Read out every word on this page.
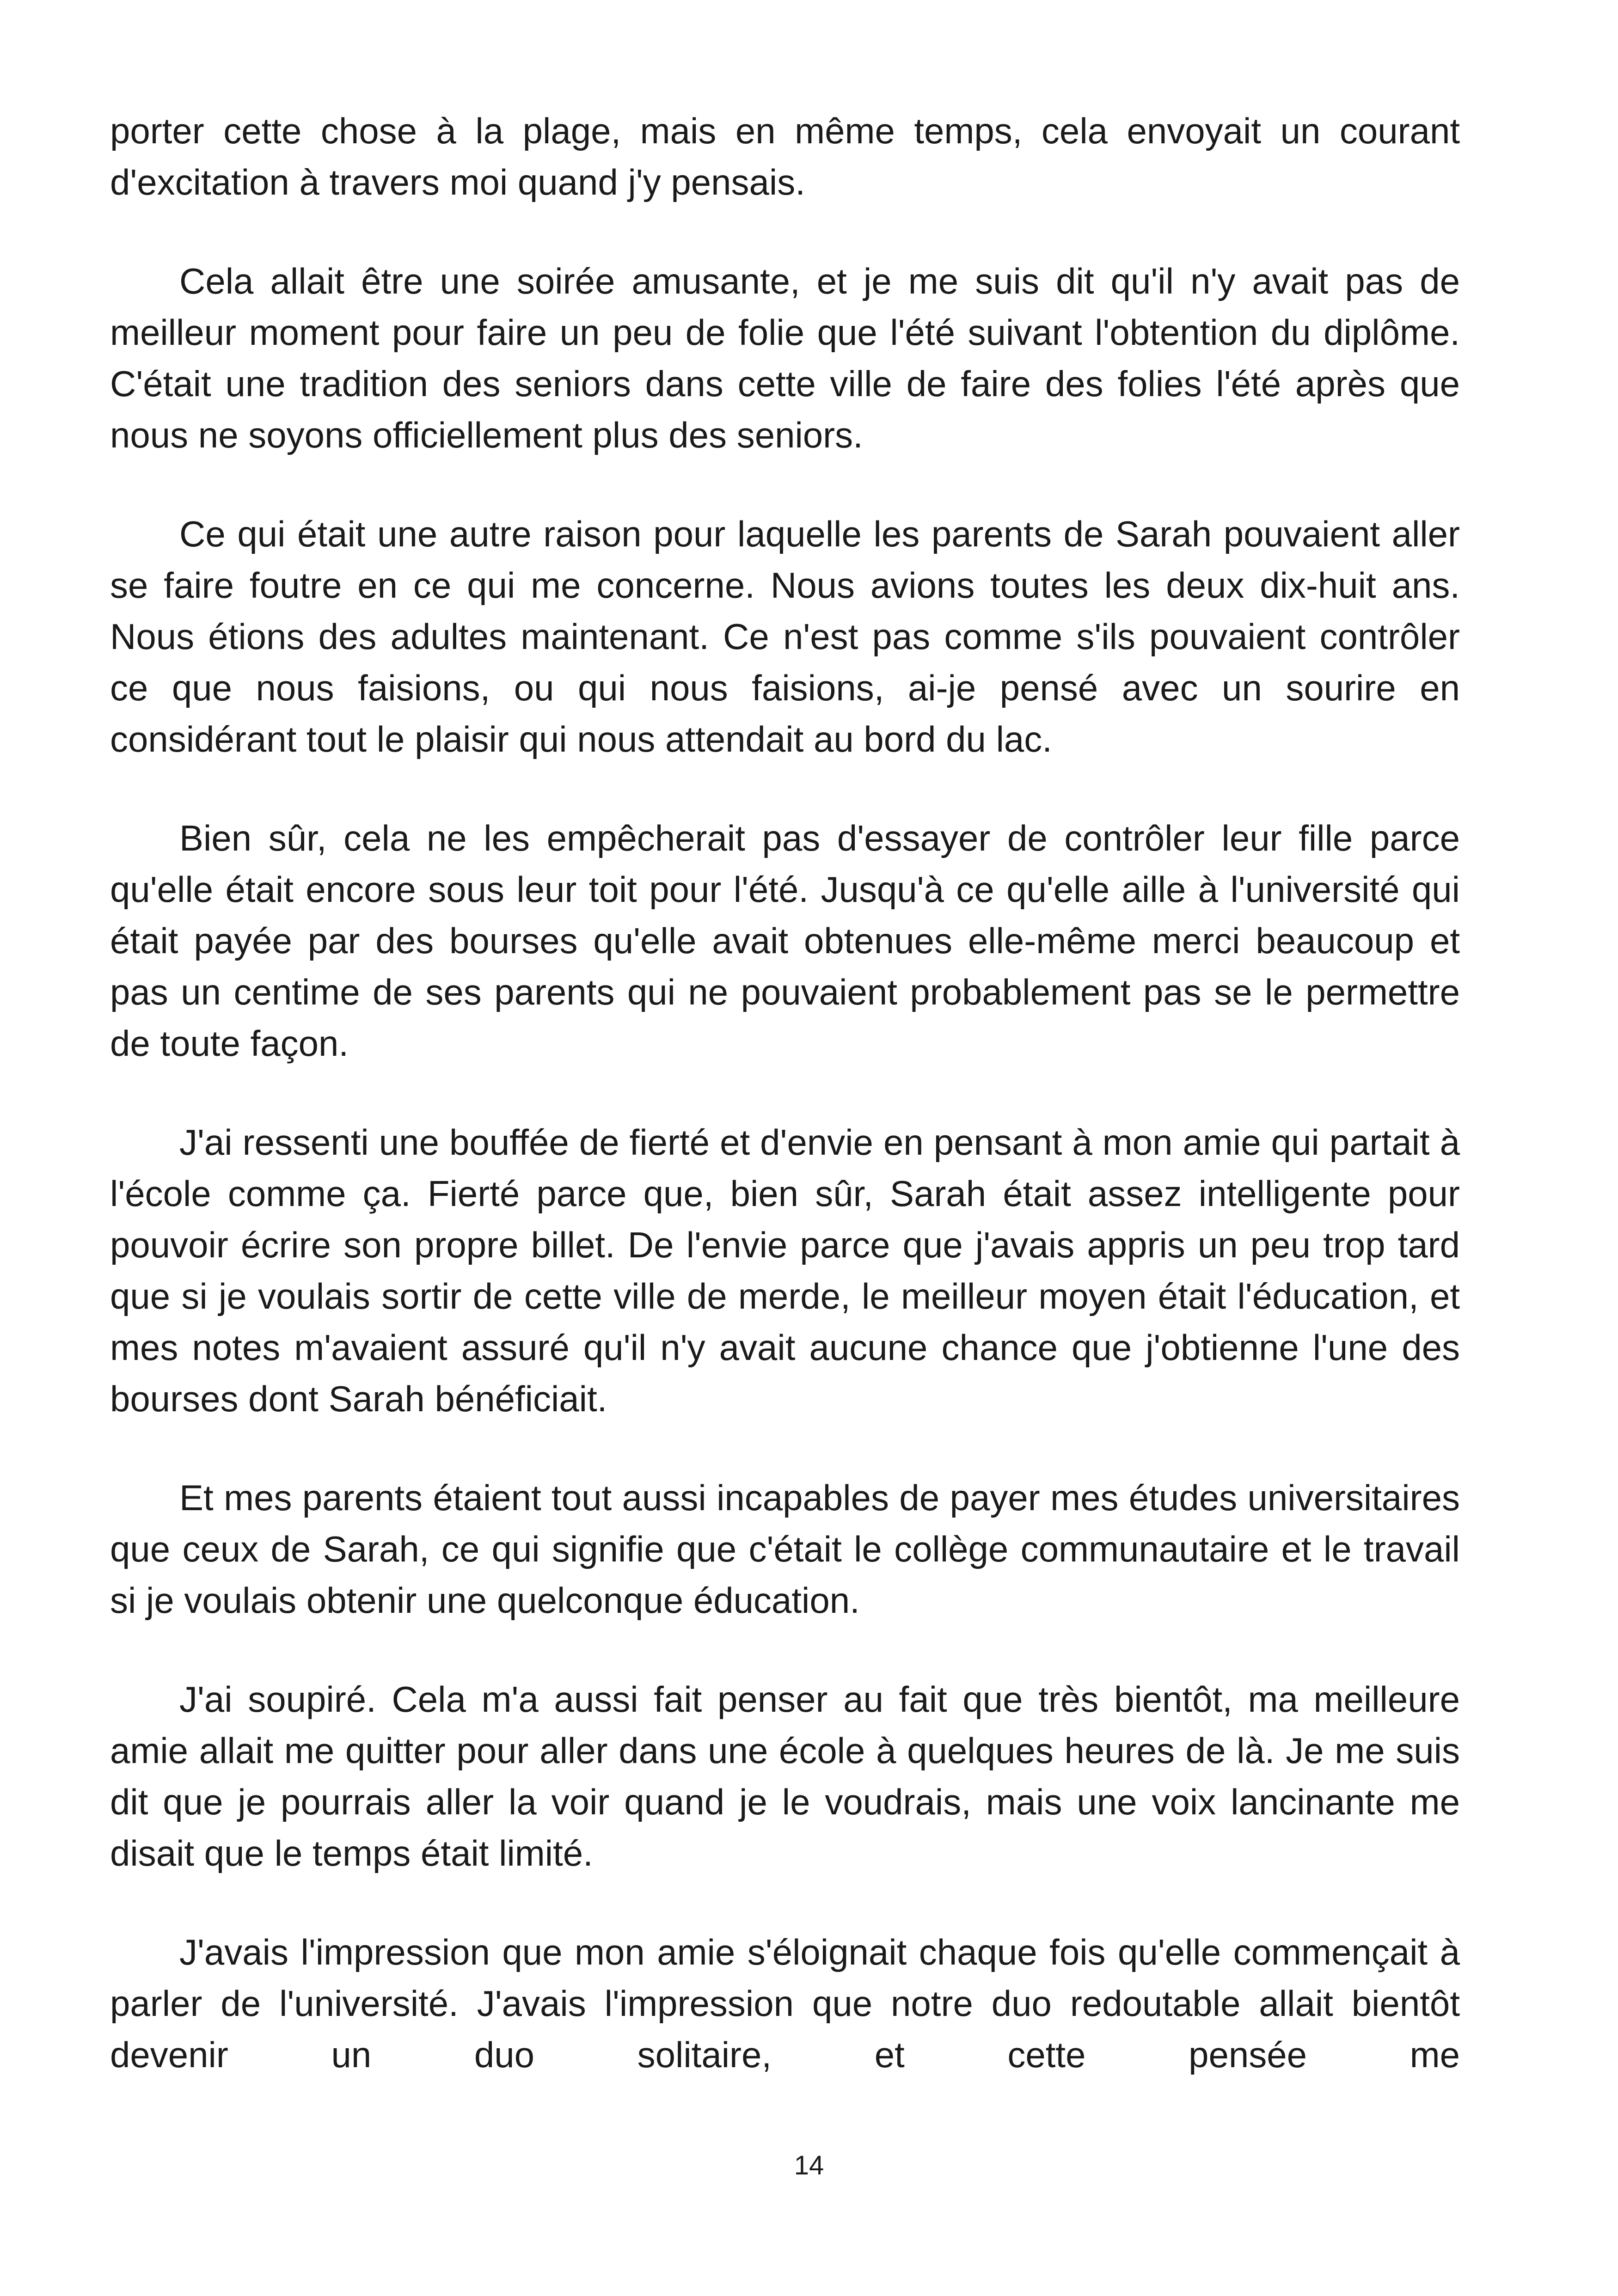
porter cette chose à la plage, mais en même temps, cela envoyait un courant d'excitation à travers moi quand j'y pensais.

Cela allait être une soirée amusante, et je me suis dit qu'il n'y avait pas de meilleur moment pour faire un peu de folie que l'été suivant l'obtention du diplôme. C'était une tradition des seniors dans cette ville de faire des folies l'été après que nous ne soyons officiellement plus des seniors.

Ce qui était une autre raison pour laquelle les parents de Sarah pouvaient aller se faire foutre en ce qui me concerne. Nous avions toutes les deux dix-huit ans. Nous étions des adultes maintenant. Ce n'est pas comme s'ils pouvaient contrôler ce que nous faisions, ou qui nous faisions, ai-je pensé avec un sourire en considérant tout le plaisir qui nous attendait au bord du lac.

Bien sûr, cela ne les empêcherait pas d'essayer de contrôler leur fille parce qu'elle était encore sous leur toit pour l'été. Jusqu'à ce qu'elle aille à l'université qui était payée par des bourses qu'elle avait obtenues elle-même merci beaucoup et pas un centime de ses parents qui ne pouvaient probablement pas se le permettre de toute façon.

J'ai ressenti une bouffée de fierté et d'envie en pensant à mon amie qui partait à l'école comme ça. Fierté parce que, bien sûr, Sarah était assez intelligente pour pouvoir écrire son propre billet. De l'envie parce que j'avais appris un peu trop tard que si je voulais sortir de cette ville de merde, le meilleur moyen était l'éducation, et mes notes m'avaient assuré qu'il n'y avait aucune chance que j'obtienne l'une des bourses dont Sarah bénéficiait.

Et mes parents étaient tout aussi incapables de payer mes études universitaires que ceux de Sarah, ce qui signifie que c'était le collège communautaire et le travail si je voulais obtenir une quelconque éducation.

J'ai soupiré. Cela m'a aussi fait penser au fait que très bientôt, ma meilleure amie allait me quitter pour aller dans une école à quelques heures de là. Je me suis dit que je pourrais aller la voir quand je le voudrais, mais une voix lancinante me disait que le temps était limité.

J'avais l'impression que mon amie s'éloignait chaque fois qu'elle commençait à parler de l'université. J'avais l'impression que notre duo redoutable allait bientôt devenir un duo solitaire, et cette pensée me

14
